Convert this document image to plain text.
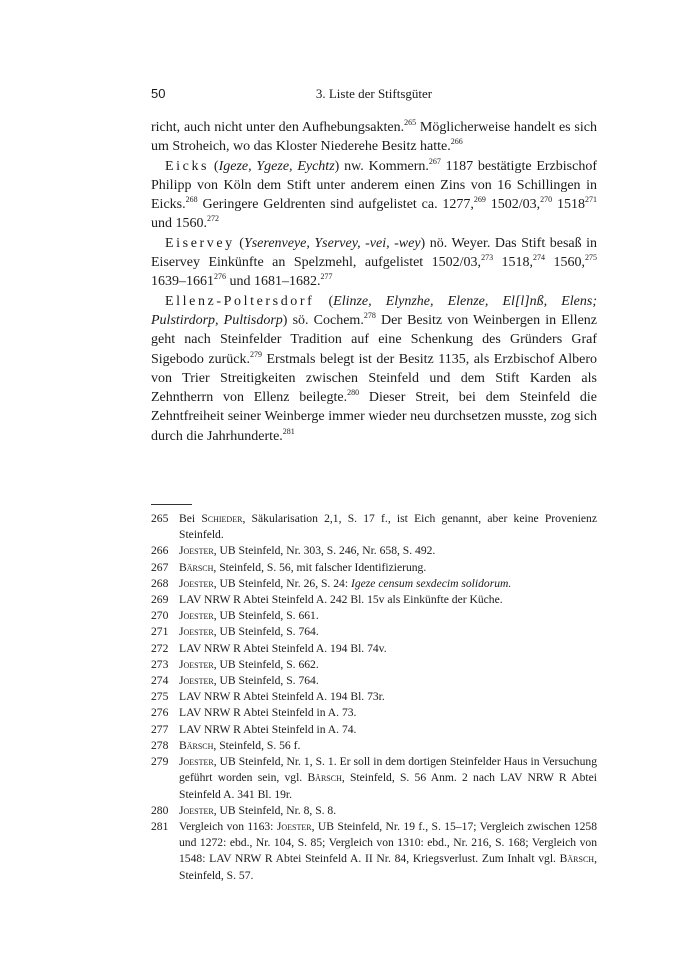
50	3. Liste der Stiftsgüter

richt, auch nicht unter den Aufhebungsakten.$^{265}$ Möglicherweise handelt es sich um Stroheich, wo das Kloster Niederehe Besitz hatte.$^{266}$

Eicks (Igeze, Ygeze, Eychtz) nw. Kommern.$^{267}$ 1187 bestätigte Erzbischof Philipp von Köln dem Stift unter anderem einen Zins von 16 Schillingen in Eicks.$^{268}$ Geringere Geldrenten sind aufgelistet ca. 1277,$^{269}$ 1502/03,$^{270}$ 1518$^{271}$ und 1560.$^{272}$

Eiservey (Yserenveye, Yservey, -vei, -wey) nö. Weyer. Das Stift besaß in Eiservey Einkünfte an Spelzmehl, aufgelistet 1502/03,$^{273}$ 1518,$^{274}$ 1560,$^{275}$ 1639–1661$^{276}$ und 1681–1682.$^{277}$

Ellenz-Poltersdorf (Elinze, Elynzhe, Elenze, El[l]nß, Elens; Pulstirdorp, Pultisdorp) sö. Cochem.$^{278}$ Der Besitz von Weinbergen in Ellenz geht nach Steinfelder Tradition auf eine Schenkung des Gründers Graf Sigebodo zurück.$^{279}$ Erstmals belegt ist der Besitz 1135, als Erzbischof Albero von Trier Streitigkeiten zwischen Steinfeld und dem Stift Karden als Zehntherrn von Ellenz beilegte.$^{280}$ Dieser Streit, bei dem Steinfeld die Zehntfreiheit seiner Weinberge immer wieder neu durchsetzen musste, zog sich durch die Jahrhunderte.$^{281}$

265 Bei Schieder, Säkularisation 2,1, S. 17 f., ist Eich genannt, aber keine Provenienz Steinfeld.
266 Joester, UB Steinfeld, Nr. 303, S. 246, Nr. 658, S. 492.
267 Bärsch, Steinfeld, S. 56, mit falscher Identifizierung.
268 Joester, UB Steinfeld, Nr. 26, S. 24: Igeze censum sexdecim solidorum.
269 LAV NRW R Abtei Steinfeld A. 242 Bl. 15v als Einkünfte der Küche.
270 Joester, UB Steinfeld, S. 661.
271 Joester, UB Steinfeld, S. 764.
272 LAV NRW R Abtei Steinfeld A. 194 Bl. 74v.
273 Joester, UB Steinfeld, S. 662.
274 Joester, UB Steinfeld, S. 764.
275 LAV NRW R Abtei Steinfeld A. 194 Bl. 73r.
276 LAV NRW R Abtei Steinfeld in A. 73.
277 LAV NRW R Abtei Steinfeld in A. 74.
278 Bärsch, Steinfeld, S. 56 f.
279 Joester, UB Steinfeld, Nr. 1, S. 1. Er soll in dem dortigen Steinfelder Haus in Versuchung geführt worden sein, vgl. Bärsch, Steinfeld, S. 56 Anm. 2 nach LAV NRW R Abtei Steinfeld A. 341 Bl. 19r.
280 Joester, UB Steinfeld, Nr. 8, S. 8.
281 Vergleich von 1163: Joester, UB Steinfeld, Nr. 19 f., S. 15–17; Vergleich zwischen 1258 und 1272: ebd., Nr. 104, S. 85; Vergleich von 1310: ebd., Nr. 216, S. 168; Vergleich von 1548: LAV NRW R Abtei Steinfeld A. II Nr. 84, Kriegsverlust. Zum Inhalt vgl. Bärsch, Steinfeld, S. 57.
